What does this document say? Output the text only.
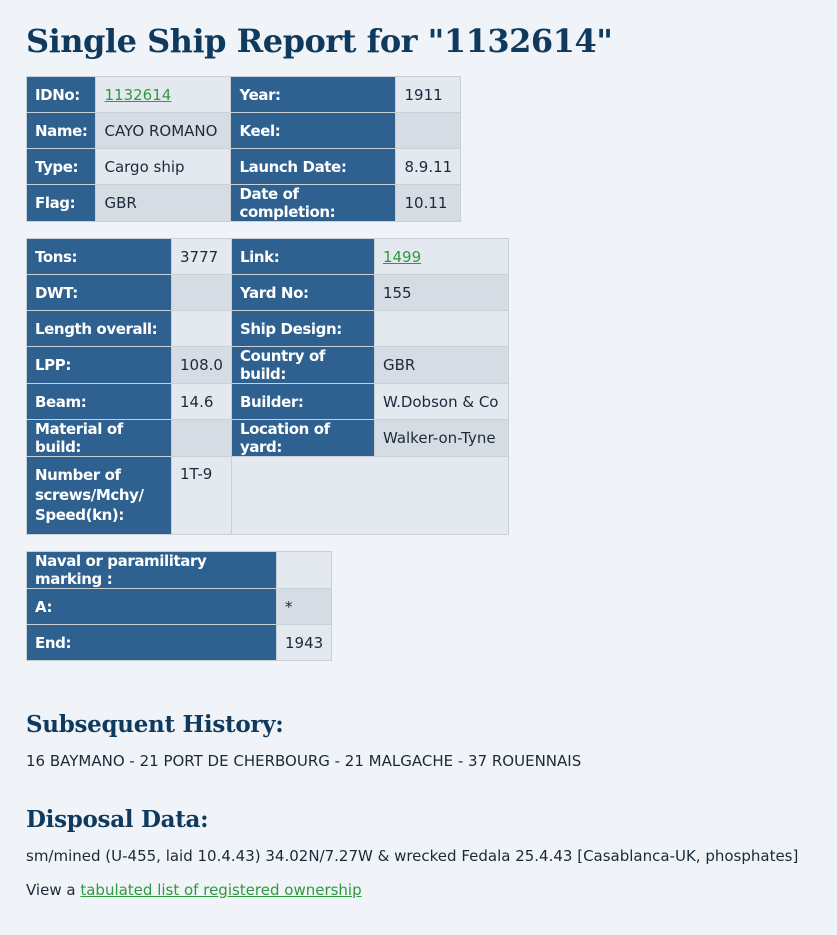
Single Ship Report for "1132614"
IDNo:	1132614	Year:	1911
Name:	CAYO ROMANO	Keel:	
Type:	Cargo ship	Launch Date:	8.9.11
Flag:	GBR	Date of completion:	10.11
Tons:	3777	Link:	1499
DWT:		Yard No:	155
Length overall:		Ship Design:	
LPP:	108.0	Country of build:	GBR
Beam:	14.6	Builder:	W.Dobson & Co
Material of build:		Location of yard:	Walker-on-Tyne
Number of screws/Mchy/ Speed(kn):	1T-9		
Naval or paramilitary marking :	
A:	*
End:	1943
Subsequent History:

16 BAYMANO - 21 PORT DE CHERBOURG - 21 MALGACHE - 37 ROUENNAIS

Disposal Data:

sm/mined (U-455, laid 10.4.43) 34.02N/7.27W & wrecked Fedala 25.4.43 [Casablanca-UK, phosphates]

View a tabulated list of registered ownership
